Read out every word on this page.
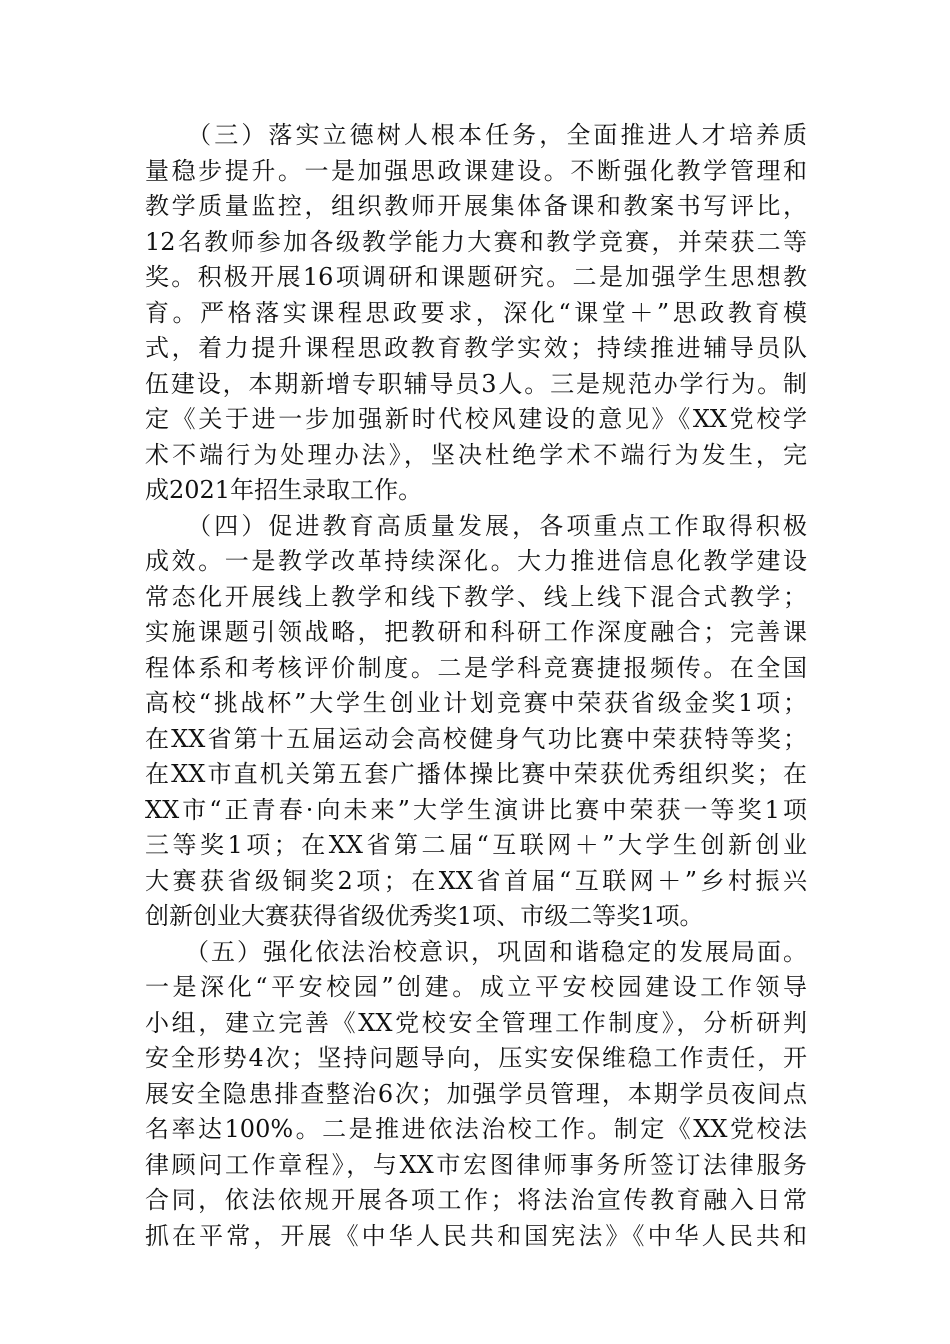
　　（三）落实立德树人根本任务，全面推进人才培养质
量稳步提升。一是加强思政课建设。不断强化教学管理和
教学质量监控，组织教师开展集体备课和教案书写评比，
12名教师参加各级教学能力大赛和教学竞赛，并荣获二等
奖。积极开展16项调研和课题研究。二是加强学生思想教
育。严格落实课程思政要求，深化“课堂＋”思政教育模
式，着力提升课程思政教育教学实效；持续推进辅导员队
伍建设，本期新增专职辅导员3人。三是规范办学行为。制
定《关于进一步加强新时代校风建设的意见》《XX党校学
术不端行为处理办法》，坚决杜绝学术不端行为发生，完
成2021年招生录取工作。
　　（四）促进教育高质量发展，各项重点工作取得积极
成效。一是教学改革持续深化。大力推进信息化教学建设
常态化开展线上教学和线下教学、线上线下混合式教学；
实施课题引领战略，把教研和科研工作深度融合；完善课
程体系和考核评价制度。二是学科竞赛捷报频传。在全国
高校“挑战杯”大学生创业计划竞赛中荣获省级金奖1项；
在XX省第十五届运动会高校健身气功比赛中荣获特等奖；
在XX市直机关第五套广播体操比赛中荣获优秀组织奖；在
XX市“正青春·向未来”大学生演讲比赛中荣获一等奖1项
三等奖1项；在XX省第二届“互联网＋”大学生创新创业
大赛获省级铜奖2项；在XX省首届“互联网＋”乡村振兴
创新创业大赛获得省级优秀奖1项、市级二等奖1项。
　　（五）强化依法治校意识，巩固和谐稳定的发展局面。
一是深化“平安校园”创建。成立平安校园建设工作领导
小组，建立完善《XX党校安全管理工作制度》，分析研判
安全形势4次；坚持问题导向，压实安保维稳工作责任，开
展安全隐患排查整治6次；加强学员管理，本期学员夜间点
名率达100%。二是推进依法治校工作。制定《XX党校法
律顾问工作章程》，与XX市宏图律师事务所签订法律服务
合同，依法依规开展各项工作；将法治宣传教育融入日常
抓在平常，开展《中华人民共和国宪法》《中华人民共和
